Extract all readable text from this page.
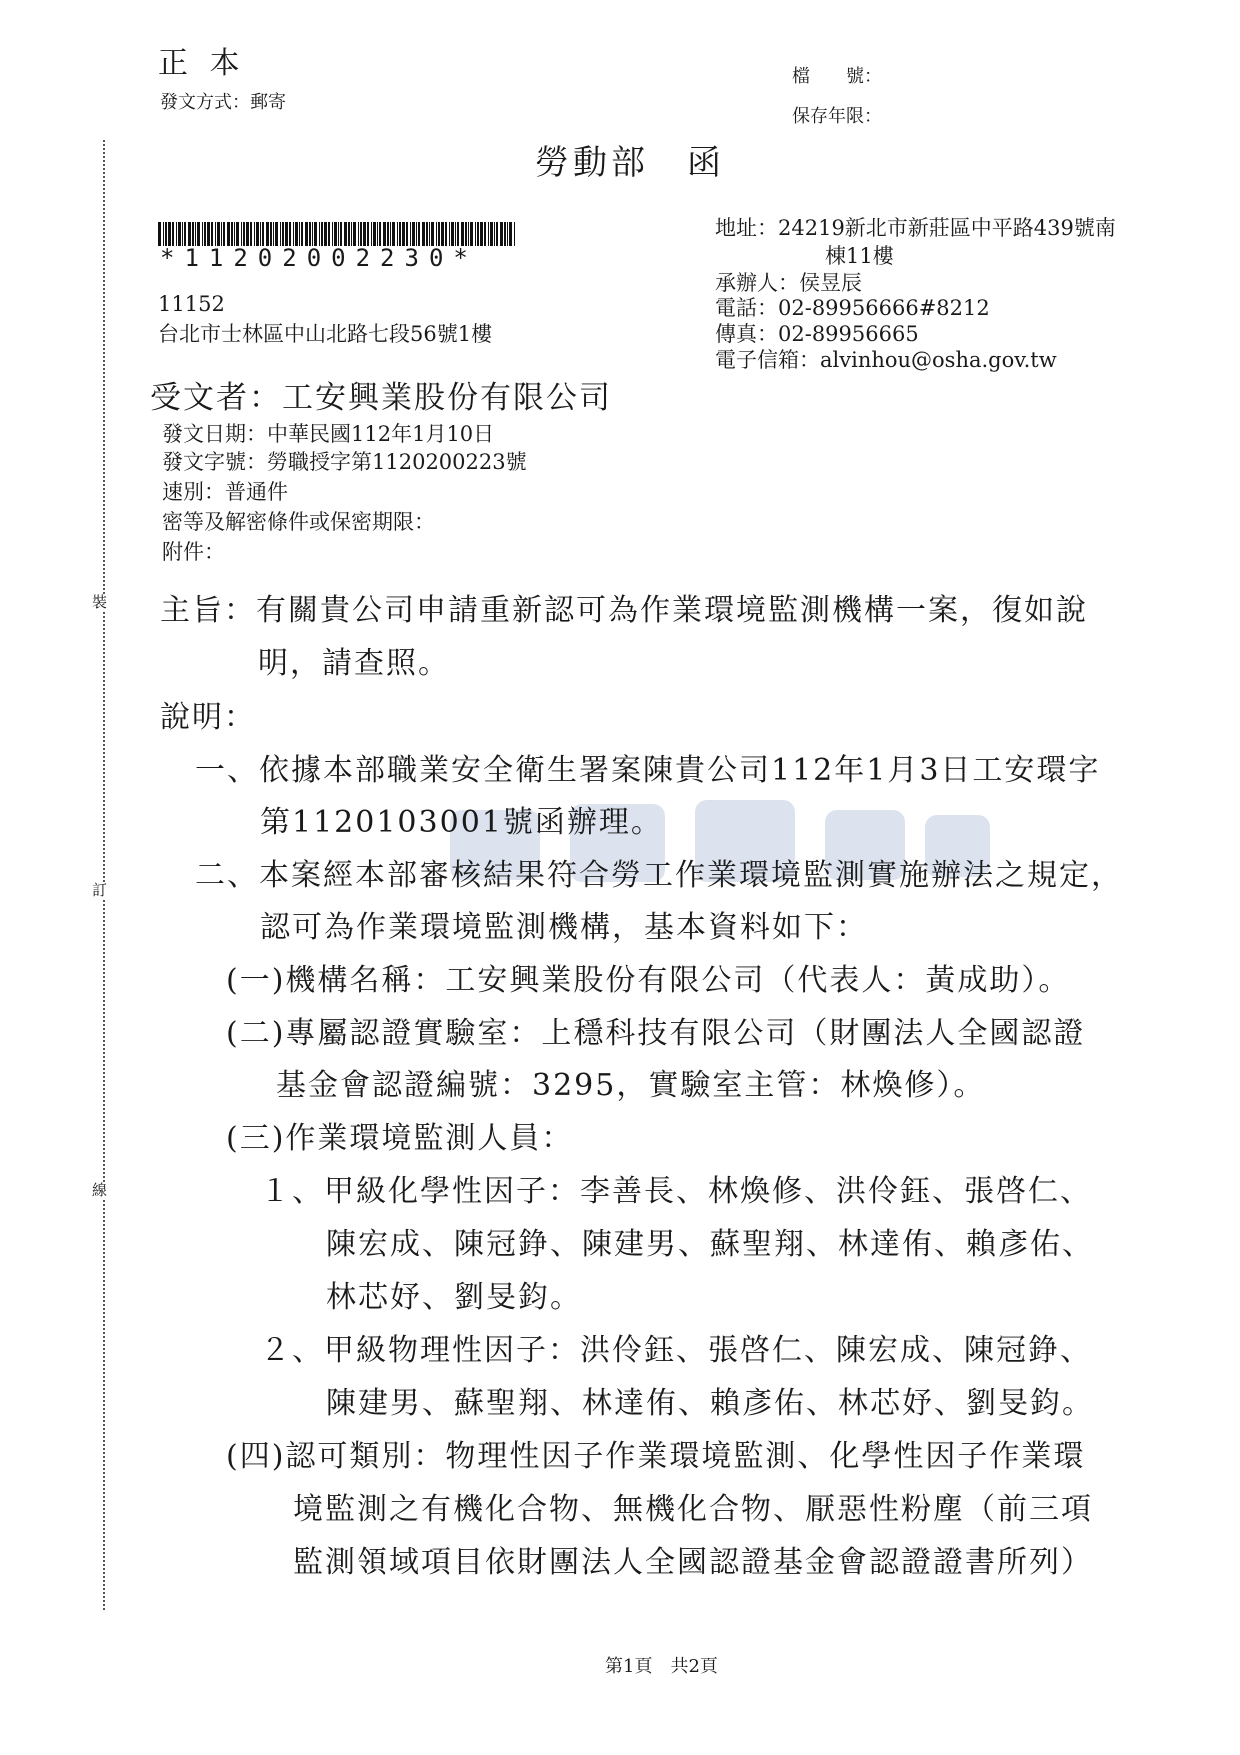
正 本
發文方式：郵寄
檔　　號：
保存年限：
勞動部　函
*11202002230*
11152
台北市士林區中山北路七段56號1樓
地址：24219新北市新莊區中平路439號南
棟11樓
承辦人：侯昱辰
電話：02-89956666#8212
傳真：02-89956665
電子信箱：alvinhou@osha.gov.tw
受文者：工安興業股份有限公司
發文日期：中華民國112年1月10日
發文字號：勞職授字第1120200223號
速別：普通件
密等及解密條件或保密期限：
附件：
裝
訂
線
主旨：有關貴公司申請重新認可為作業環境監測機構一案，復如說
明，請查照。
說明：
一、依據本部職業安全衛生署案陳貴公司112年1月3日工安環字
第1120103001號函辦理。
二、本案經本部審核結果符合勞工作業環境監測實施辦法之規定，
認可為作業環境監測機構，基本資料如下：
(一)機構名稱：工安興業股份有限公司（代表人：黃成助）。
(二)專屬認證實驗室：上穩科技有限公司（財團法人全國認證
基金會認證編號：3295，實驗室主管：林煥修）。
(三)作業環境監測人員：
１、甲級化學性因子：李善長、林煥修、洪伶鈺、張啓仁、
陳宏成、陳冠錚、陳建男、蘇聖翔、林達侑、賴彥佑、
林芯妤、劉旻鈞。
２、甲級物理性因子：洪伶鈺、張啓仁、陳宏成、陳冠錚、
陳建男、蘇聖翔、林達侑、賴彥佑、林芯妤、劉旻鈞。
(四)認可類別：物理性因子作業環境監測、化學性因子作業環
境監測之有機化合物、無機化合物、厭惡性粉塵（前三項
監測領域項目依財團法人全國認證基金會認證證書所列）
第1頁　共2頁
